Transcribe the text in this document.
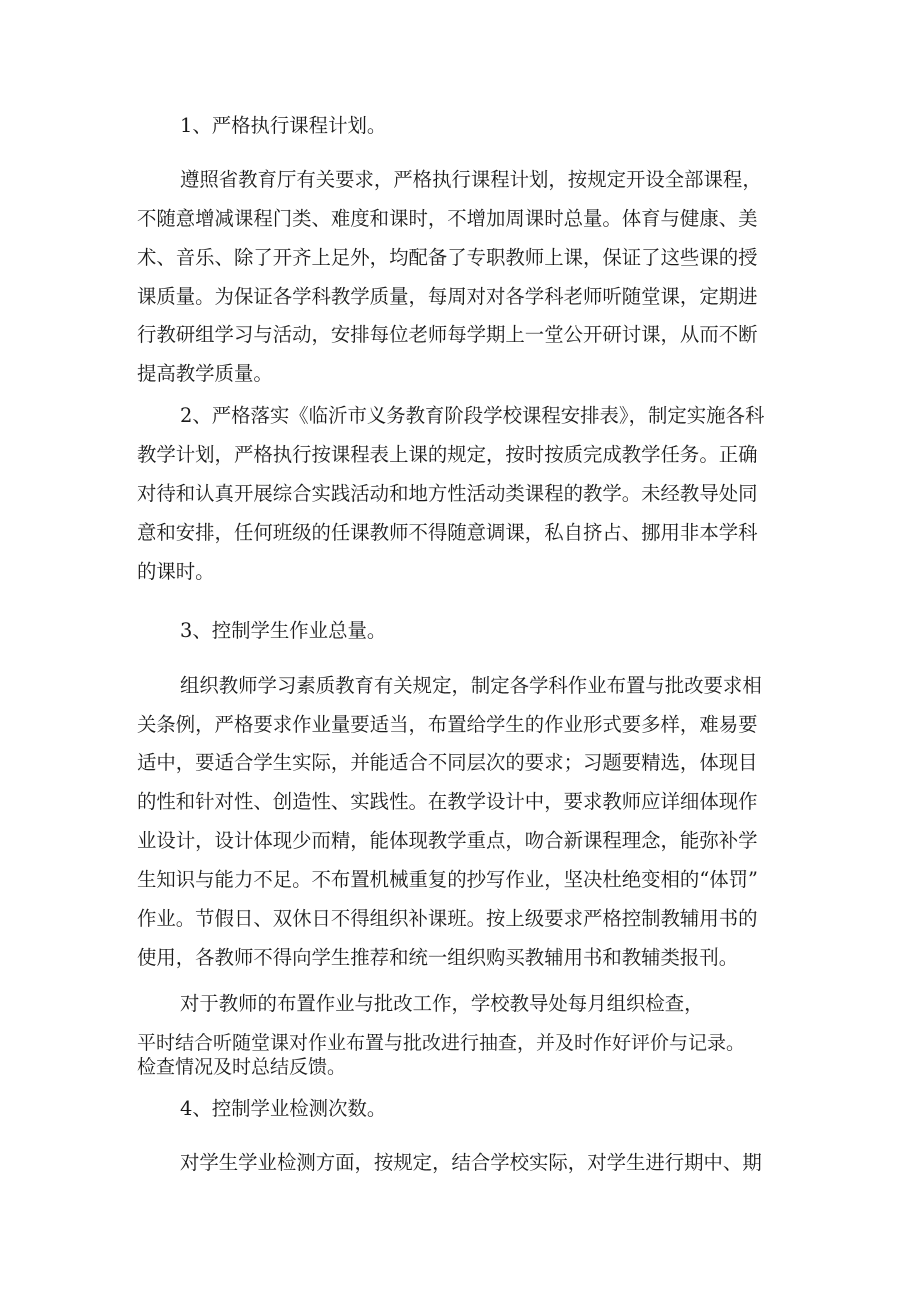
1、严格执行课程计划。

遵照省教育厅有关要求，严格执行课程计划，按规定开设全部课程，

不随意增减课程门类、难度和课时，不增加周课时总量。体育与健康、美

术、音乐、除了开齐上足外，均配备了专职教师上课，保证了这些课的授

课质量。为保证各学科教学质量，每周对对各学科老师听随堂课，定期进

行教研组学习与活动，安排每位老师每学期上一堂公开研讨课，从而不断

提高教学质量。

2、严格落实《临沂市义务教育阶段学校课程安排表》，制定实施各科

教学计划，严格执行按课程表上课的规定，按时按质完成教学任务。正确

对待和认真开展综合实践活动和地方性活动类课程的教学。未经教导处同

意和安排，任何班级的任课教师不得随意调课，私自挤占、挪用非本学科

的课时。

3、控制学生作业总量。

组织教师学习素质教育有关规定，制定各学科作业布置与批改要求相

关条例，严格要求作业量要适当，布置给学生的作业形式要多样，难易要

适中，要适合学生实际，并能适合不同层次的要求；习题要精选，体现目

的性和针对性、创造性、实践性。在教学设计中，要求教师应详细体现作

业设计，设计体现少而精，能体现教学重点，吻合新课程理念，能弥补学

生知识与能力不足。不布置机械重复的抄写作业，坚决杜绝变相的“体罚”

作业。节假日、双休日不得组织补课班。按上级要求严格控制教辅用书的

使用，各教师不得向学生推荐和统一组织购买教辅用书和教辅类报刊。

对于教师的布置作业与批改工作，学校教导处每月组织检查，

平时结合听随堂课对作业布置与批改进行抽查，并及时作好评价与记录。

检查情况及时总结反馈。

4、控制学业检测次数。

对学生学业检测方面，按规定，结合学校实际，对学生进行期中、期
